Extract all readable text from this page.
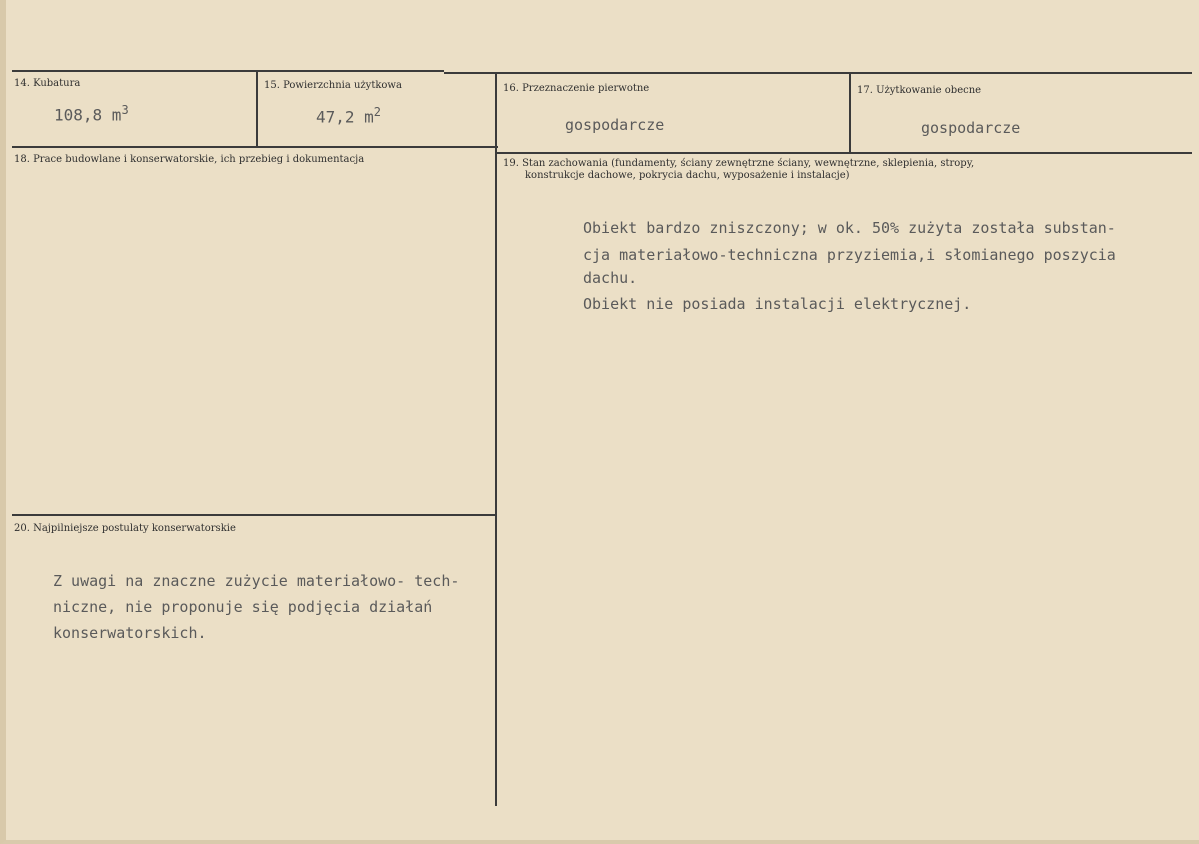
14. Kubatura
108,8 $m^3$
15. Powierzchnia użytkowa
47,2 $m^2$
16. Przeznaczenie pierwotne
gospodarcze
17. Użytkowanie obecne
gospodarcze
18. Prace budowlane i konserwatorskie, ich przebieg i dokumentacja	19. Stan zachowania (fundamenty, ściany zewnętrzne ściany, wewnętrzne, sklepienia, stropy,
konstrukcje dachowe, pokrycia dachu, wyposażenie i instalacje)
Obiekt bardzo zniszczony; w ok. 50% zużyta została substan-
cja materiałowo-techniczna przyziemia,i słomianego poszycia
dachu.
Obiekt nie posiada instalacji elektrycznej.
20. Najpilniejsze postulaty konserwatorskie
Z uwagi na znaczne zużycie materiałowo- tech-
niczne, nie proponuje się podjęcia działań
konserwatorskich.
